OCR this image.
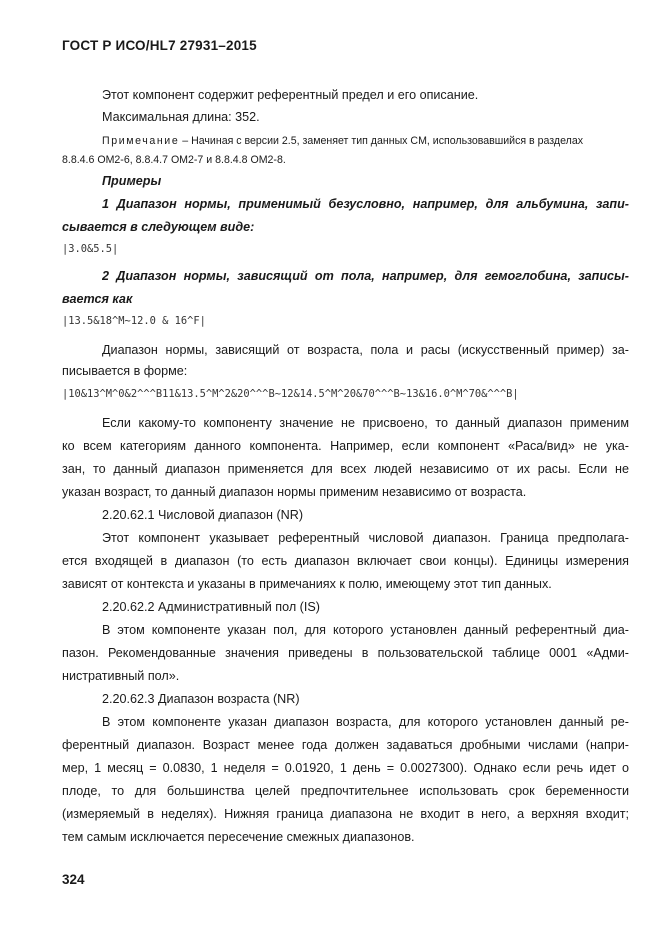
ГОСТ Р ИСО/HL7 27931–2015
Этот компонент содержит референтный предел и его описание.
Максимальная длина: 352.
Примечание – Начиная с версии 2.5, заменяет тип данных CM, использовавшийся в разделах
8.8.4.6 OM2-6, 8.8.4.7 OM2-7 и 8.8.4.8 OM2-8.
Примеры
1 Диапазон нормы, применимый безусловно, например, для альбумина, запи-
сывается в следующем виде:
|3.0&5.5|
2 Диапазон нормы, зависящий от пола, например, для гемоглобина, записы-
вается как
|13.5&18^M~12.0 & 16^F|
Диапазон нормы, зависящий от возраста, пола и расы (искусственный пример) за-
писывается в форме:
|10&13^M^0&2^^^B11&13.5^M^2&20^^^B~12&14.5^M^20&70^^^B~13&16.0^M^70&^^^B|
Если какому-то компоненту значение не присвоено, то данный диапазон применим
ко всем категориям данного компонента. Например, если компонент «Раса/вид» не ука-
зан, то данный диапазон применяется для всех людей независимо от их расы. Если не
указан возраст, то данный диапазон нормы применим независимо от возраста.
2.20.62.1 Числовой диапазон (NR)
Этот компонент указывает референтный числовой диапазон. Граница предполага-
ется входящей в диапазон (то есть диапазон включает свои концы). Единицы измерения
зависят от контекста и указаны в примечаниях к полю, имеющему этот тип данных.
2.20.62.2 Административный пол (IS)
В этом компоненте указан пол, для которого установлен данный референтный диа-
пазон. Рекомендованные значения приведены в пользовательской таблице 0001 «Адми-
нистративный пол».
2.20.62.3 Диапазон возраста (NR)
В этом компоненте указан диапазон возраста, для которого установлен данный ре-
ферентный диапазон. Возраст менее года должен задаваться дробными числами (напри-
мер, 1 месяц = 0.0830, 1 неделя = 0.01920, 1 день = 0.0027300). Однако если речь идет о
плоде, то для большинства целей предпочтительнее использовать срок беременности
(измеряемый в неделях). Нижняя граница диапазона не входит в него, а верхняя входит;
тем самым исключается пересечение смежных диапазонов.
324
